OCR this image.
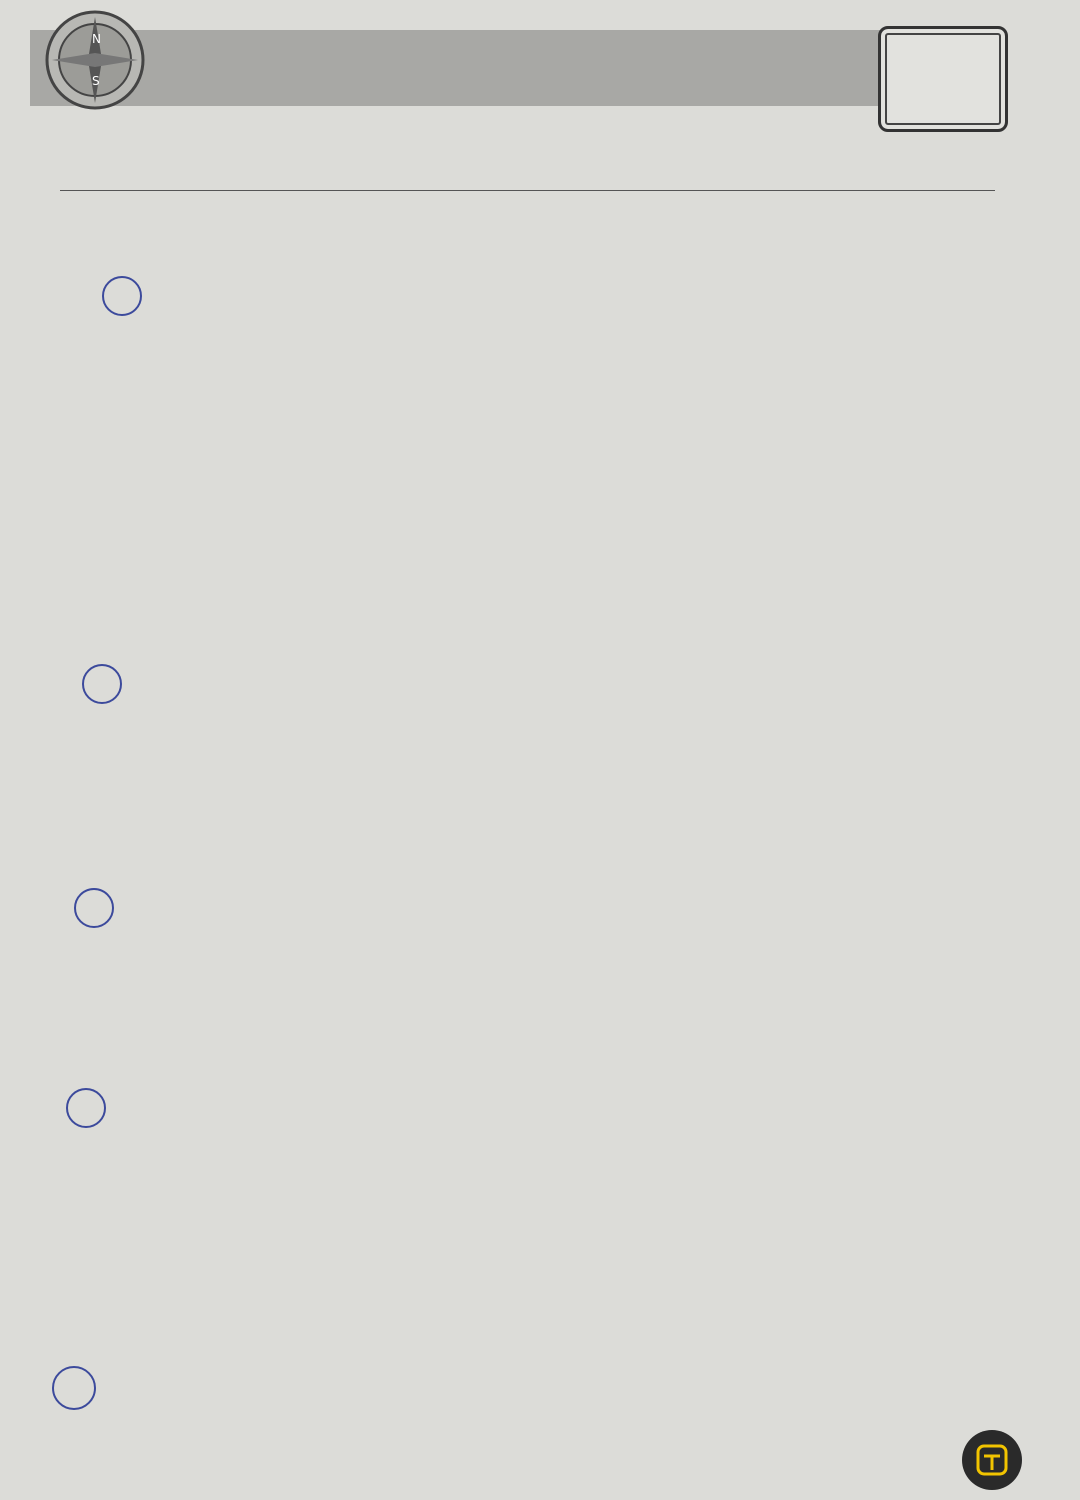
N
S
